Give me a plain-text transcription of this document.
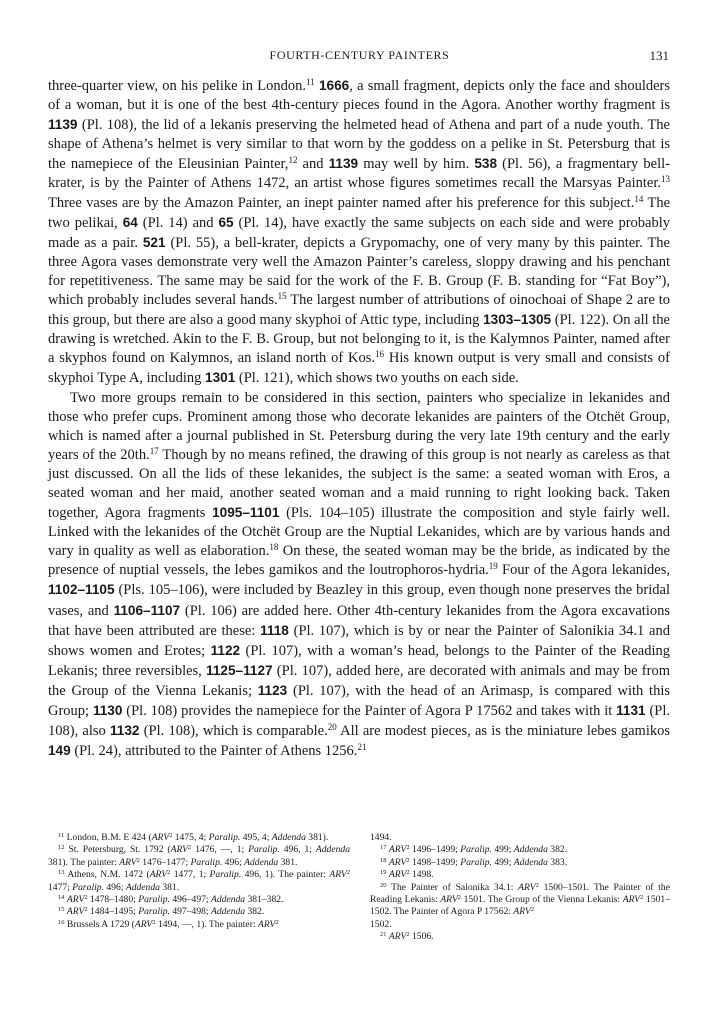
FOURTH-CENTURY PAINTERS	131

three-quarter view, on his pelike in London.$^{11}$ 1666, a small fragment, depicts only the face and shoulders of a woman, but it is one of the best 4th-century pieces found in the Agora. Another worthy fragment is 1139 (Pl. 108), the lid of a lekanis preserving the helmeted head of Athena and part of a nude youth. The shape of Athena’s helmet is very similar to that worn by the goddess on a pelike in St. Petersburg that is the namepiece of the Eleusinian Painter,$^{12}$ and 1139 may well by him. 538 (Pl. 56), a fragmentary bell-krater, is by the Painter of Athens 1472, an artist whose figures sometimes recall the Marsyas Painter.$^{13}$ Three vases are by the Amazon Painter, an inept painter named after his preference for this subject.$^{14}$ The two pelikai, 64 (Pl. 14) and 65 (Pl. 14), have exactly the same subjects on each side and were probably made as a pair. 521 (Pl. 55), a bell-krater, depicts a Grypomachy, one of very many by this painter. The three Agora vases demonstrate very well the Amazon Painter’s careless, sloppy drawing and his penchant for repetitiveness. The same may be said for the work of the F. B. Group (F. B. standing for “Fat Boy”), which probably includes several hands.$^{15}$ The largest number of attributions of oinochoai of Shape 2 are to this group, but there are also a good many skyphoi of Attic type, including 1303–1305 (Pl. 122). On all the drawing is wretched. Akin to the F. B. Group, but not belonging to it, is the Kalymnos Painter, named after a skyphos found on Kalymnos, an island north of Kos.$^{16}$ His known output is very small and consists of skyphoi Type A, including 1301 (Pl. 121), which shows two youths on each side.

Two more groups remain to be considered in this section, painters who specialize in lekanides and those who prefer cups. Prominent among those who decorate lekanides are painters of the Otchët Group, which is named after a journal published in St. Petersburg during the very late 19th century and the early years of the 20th.$^{17}$ Though by no means refined, the drawing of this group is not nearly as careless as that just discussed. On all the lids of these lekanides, the subject is the same: a seated woman with Eros, a seated woman and her maid, another seated woman and a maid running to right looking back. Taken together, Agora fragments 1095–1101 (Pls. 104–105) illustrate the composition and style fairly well. Linked with the lekanides of the Otchët Group are the Nuptial Lekanides, which are by various hands and vary in quality as well as elaboration.$^{18}$ On these, the seated woman may be the bride, as indicated by the presence of nuptial vessels, the lebes gamikos and the loutrophoros-hydria.$^{19}$ Four of the Agora lekanides, 1102–1105 (Pls. 105–106), were included by Beazley in this group, even though none preserves the bridal vases, and 1106–1107 (Pl. 106) are added here. Other 4th-century lekanides from the Agora excavations that have been attributed are these: 1118 (Pl. 107), which is by or near the Painter of Salonikia 34.1 and shows women and Erotes; 1122 (Pl. 107), with a woman’s head, belongs to the Painter of the Reading Lekanis; three reversibles, 1125–1127 (Pl. 107), added here, are decorated with animals and may be from the Group of the Vienna Lekanis; 1123 (Pl. 107), with the head of an Arimasp, is compared with this Group; 1130 (Pl. 108) provides the namepiece for the Painter of Agora P 17562 and takes with it 1131 (Pl. 108), also 1132 (Pl. 108), which is comparable.$^{20}$ All are modest pieces, as is the miniature lebes gamikos 149 (Pl. 24), attributed to the Painter of Athens 1256.21

$^{11}$ London, B.M. E 424 (ARV$^2$ 1475, 4; Paralip. 495, 4; Addenda 381).

$^{12}$ St. Petersburg, St. 1792 (ARV$^2$ 1476, —, 1; Paralip. 496, 1; Addenda 381). The painter: ARV$^2$ 1476–1477; Paralip. 496; Addenda 381.

$^{13}$ Athens, N.M. 1472 (ARV$^2$ 1477, 1; Paralip. 496, 1). The painter: ARV$^2$ 1477; Paralip. 496; Addenda 381.

$^{14}$ ARV$^2$ 1478–1480; Paralip. 496–497; Addenda 381–382.

$^{15}$ ARV$^2$ 1484–1495; Paralip. 497–498; Addenda 382.

$^{16}$ Brussels A 1729 (ARV$^2$ 1494, —, 1). The painter: ARV$^2$

1494.

$^{17}$ ARV$^2$ 1496–1499; Paralip. 499; Addenda 382.

$^{18}$ ARV$^2$ 1498–1499; Paralip. 499; Addenda 383.

$^{19}$ ARV$^2$ 1498.

$^{20}$ The Painter of Salonika 34.1: ARV$^2$ 1500–1501. The Painter of the Reading Lekanis: ARV$^2$ 1501. The Group of the Vienna Lekanis: ARV$^2$ 1501–1502. The Painter of Agora P 17562: ARV$^2$
1502.

$^{21}$ ARV$^2$ 1506.
